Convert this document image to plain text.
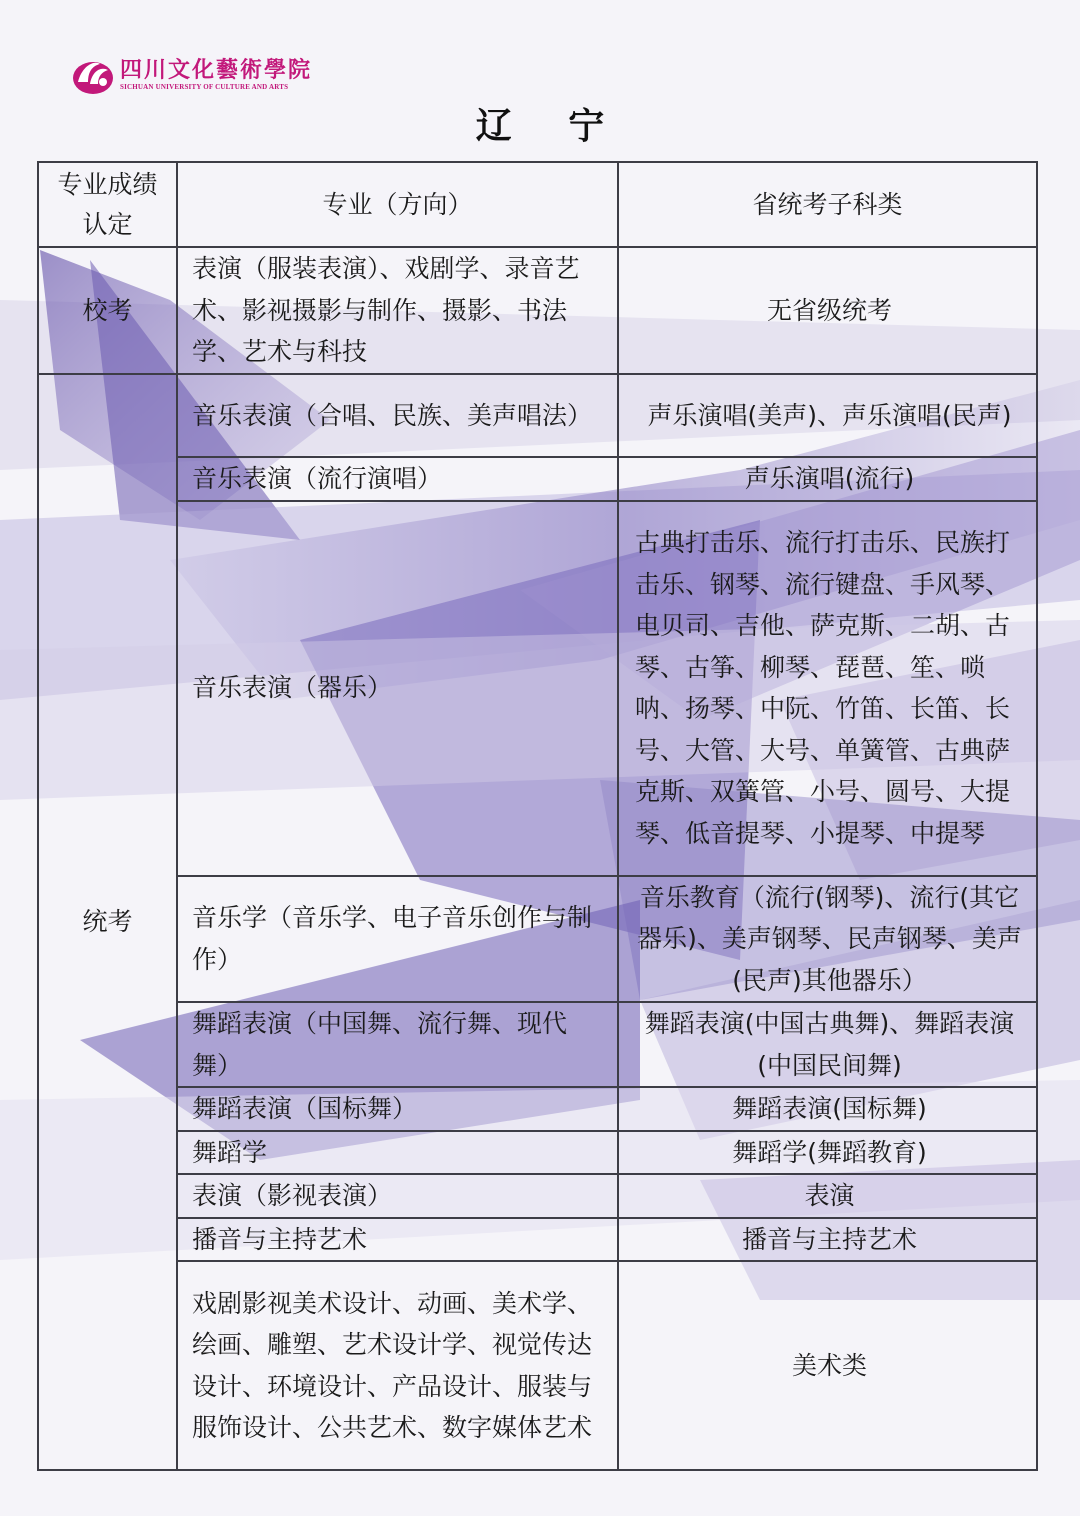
四川文化藝術學院
SICHUAN UNIVERSITY OF CULTURE AND ARTS
辽 宁
专业成绩认定	专业（方向）	省统考子科类
校考	表演（服装表演）、戏剧学、录音艺术、影视摄影与制作、摄影、书法学、艺术与科技	无省级统考
统考	音乐表演（合唱、民族、美声唱法）	声乐演唱(美声)、声乐演唱(民声)
	音乐表演（流行演唱）	声乐演唱(流行)
	音乐表演（器乐）	古典打击乐、流行打击乐、民族打击乐、钢琴、流行键盘、手风琴、电贝司、吉他、萨克斯、二胡、古琴、古筝、柳琴、琵琶、笙、唢呐、扬琴、中阮、竹笛、长笛、长号、大管、大号、单簧管、古典萨克斯、双簧管、小号、圆号、大提琴、低音提琴、小提琴、中提琴
	音乐学（音乐学、电子音乐创作与制作）	音乐教育（流行(钢琴)、流行(其它器乐)、美声钢琴、民声钢琴、美声(民声)其他器乐）
	舞蹈表演（中国舞、流行舞、现代舞）	舞蹈表演(中国古典舞)、舞蹈表演(中国民间舞)
	舞蹈表演（国标舞）	舞蹈表演(国标舞)
	舞蹈学	舞蹈学(舞蹈教育)
	表演（影视表演）	表演
	播音与主持艺术	播音与主持艺术
	戏剧影视美术设计、动画、美术学、绘画、雕塑、艺术设计学、视觉传达设计、环境设计、产品设计、服装与服饰设计、公共艺术、数字媒体艺术	美术类
